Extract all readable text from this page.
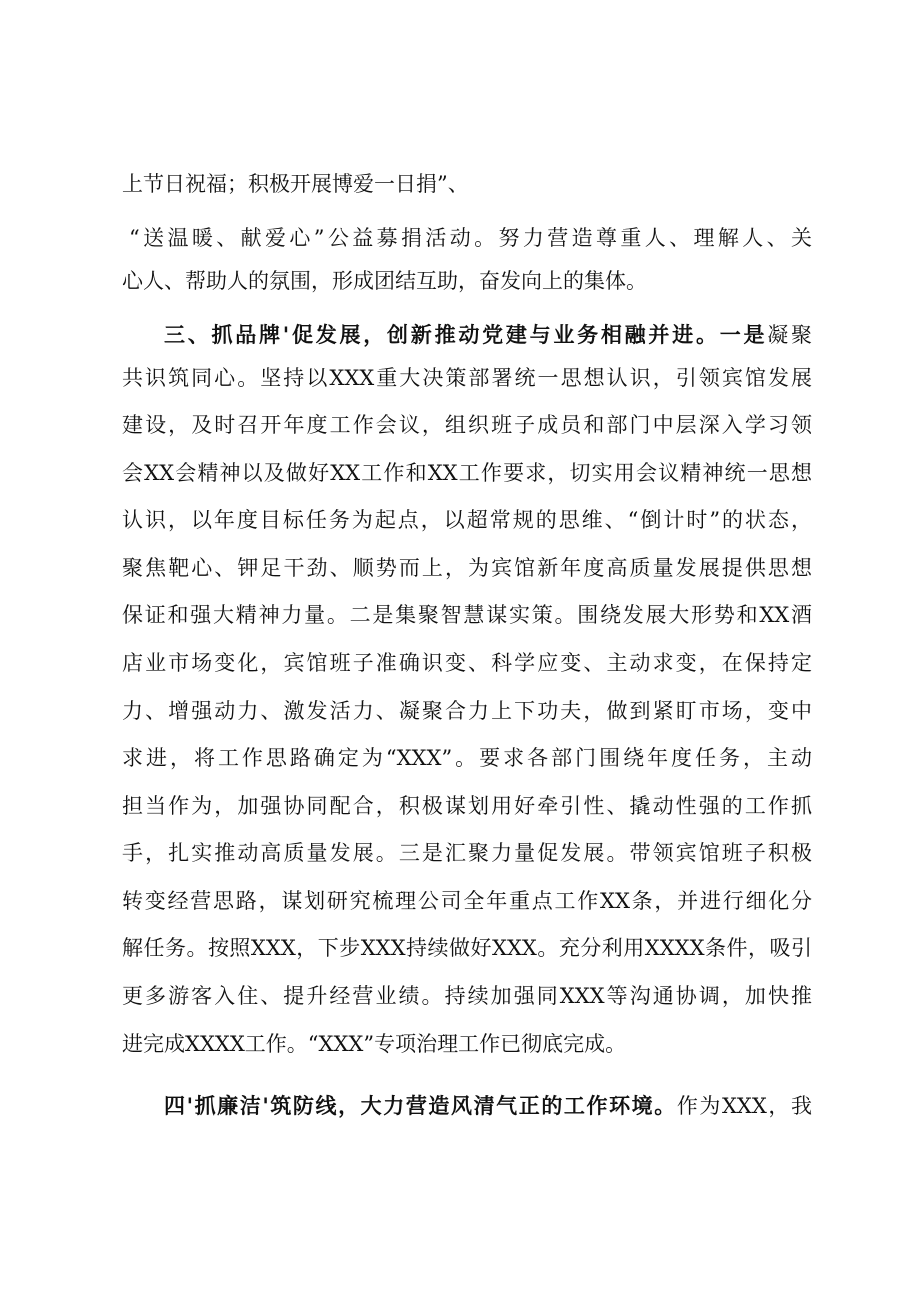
上节日祝福；积极开展博爱一日捐”、
“送温暖、献爱心”公益募捐活动。努力营造尊重人、理解人、关
心人、帮助人的氛围，形成团结互助，奋发向上的集体。
三、抓品牌'促发展，创新推动党建与业务相融并进。一是凝聚
共识筑同心。坚持以XXX重大决策部署统一思想认识，引领宾馆发展
建设，及时召开年度工作会议，组织班子成员和部门中层深入学习领
会XX会精神以及做好XX工作和XX工作要求，切实用会议精神统一思想
认识，以年度目标任务为起点，以超常规的思维、“倒计时”的状态，
聚焦靶心、钾足干劲、顺势而上，为宾馆新年度高质量发展提供思想
保证和强大精神力量。二是集聚智慧谋实策。围绕发展大形势和XX酒
店业市场变化，宾馆班子准确识变、科学应变、主动求变，在保持定
力、增强动力、激发活力、凝聚合力上下功夫，做到紧盯市场，变中
求进，将工作思路确定为“XXX”。要求各部门围绕年度任务，主动
担当作为，加强协同配合，积极谋划用好牵引性、撬动性强的工作抓
手，扎实推动高质量发展。三是汇聚力量促发展。带领宾馆班子积极
转变经营思路，谋划研究梳理公司全年重点工作XX条，并进行细化分
解任务。按照XXX，下步XXX持续做好XXX。充分利用XXXX条件，吸引
更多游客入住、提升经营业绩。持续加强同XXX等沟通协调，加快推
进完成XXXX工作。“XXX”专项治理工作已彻底完成。
四'抓廉洁'筑防线，大力营造风清气正的工作环境。作为XXX，我
